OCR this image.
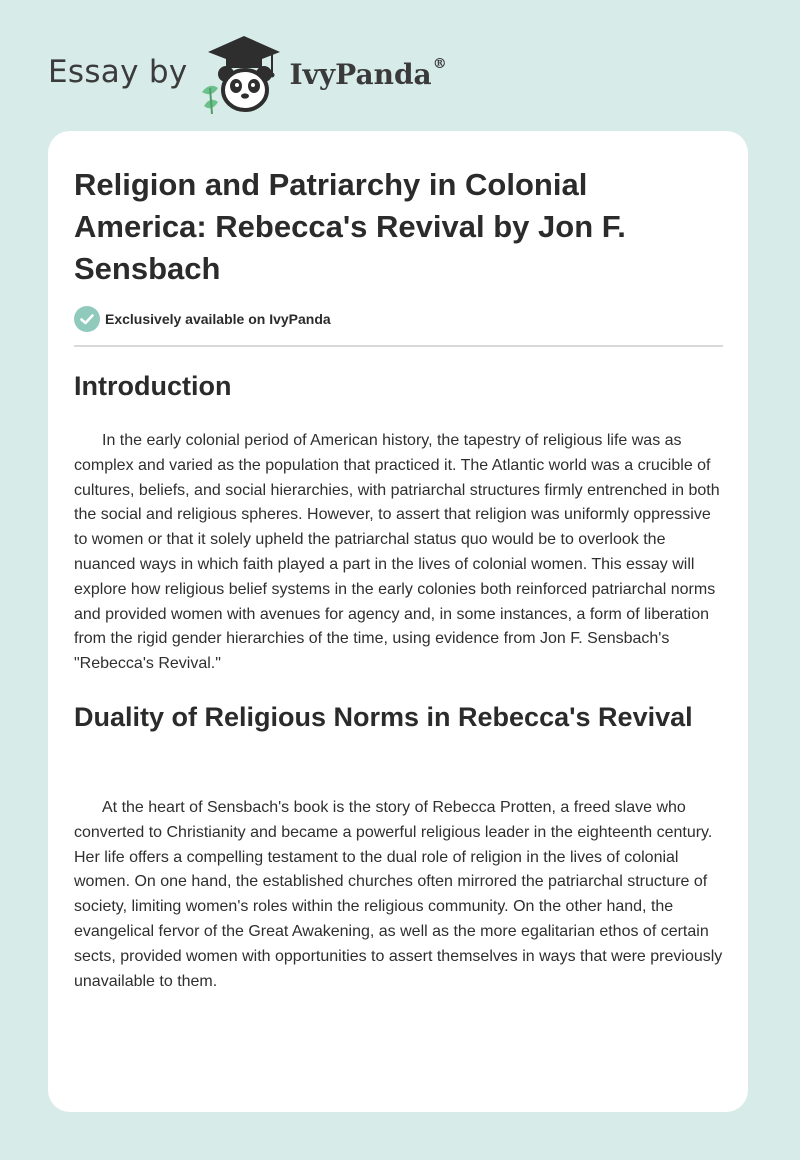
Essay by	IvyPanda®
Religion and Patriarchy in Colonial America: Rebecca's Revival by Jon F. Sensbach
Exclusively available on IvyPanda
Introduction

In the early colonial period of American history, the tapestry of religious life was as complex and varied as the population that practiced it. The Atlantic world was a crucible of cultures, beliefs, and social hierarchies, with patriarchal structures firmly entrenched in both the social and religious spheres. However, to assert that religion was uniformly oppressive to women or that it solely upheld the patriarchal status quo would be to overlook the nuanced ways in which faith played a part in the lives of colonial women. This essay will explore how religious belief systems in the early colonies both reinforced patriarchal norms and provided women with avenues for agency and, in some instances, a form of liberation from the rigid gender hierarchies of the time, using evidence from Jon F. Sensbach's "Rebecca's Revival."

Duality of Religious Norms in Rebecca's Revival

At the heart of Sensbach's book is the story of Rebecca Protten, a freed slave who converted to Christianity and became a powerful religious leader in the eighteenth century. Her life offers a compelling testament to the dual role of religion in the lives of colonial women. On one hand, the established churches often mirrored the patriarchal structure of society, limiting women's roles within the religious community. On the other hand, the evangelical fervor of the Great Awakening, as well as the more egalitarian ethos of certain sects, provided women with opportunities to assert themselves in ways that were previously unavailable to them.
